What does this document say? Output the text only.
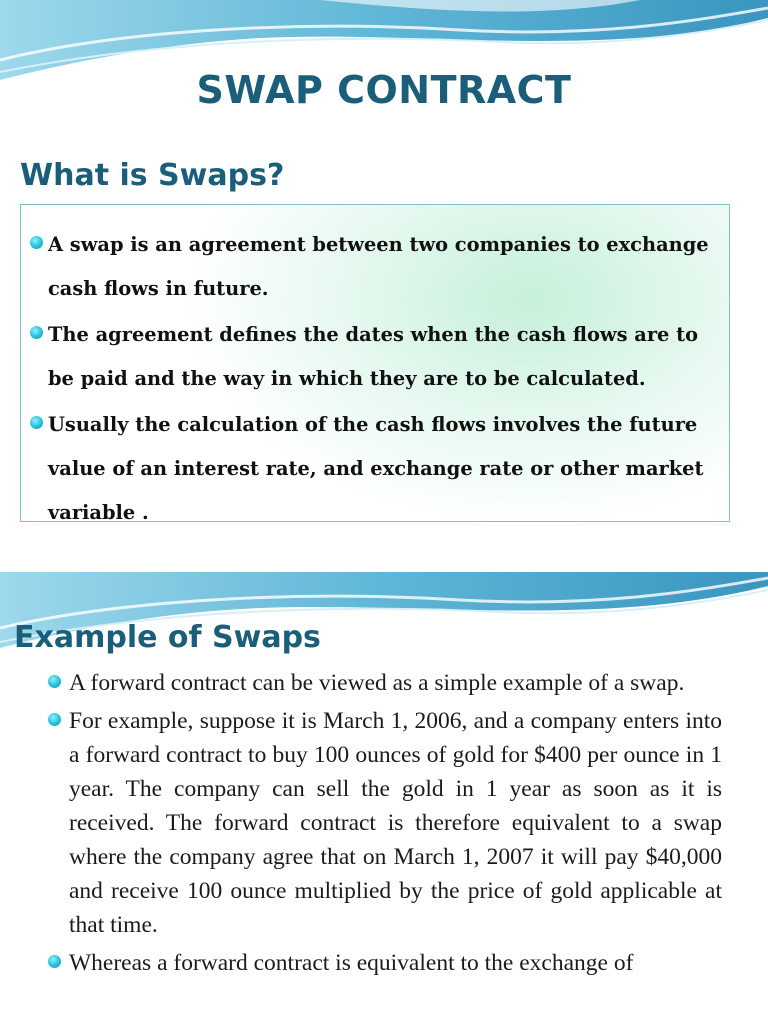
SWAP CONTRACT
What is Swaps?
A swap is an agreement between two companies to exchange cash flows in future.
The agreement defines the dates when the cash flows are to be paid and the way in which they are to be calculated.
Usually the calculation of the cash flows involves the future value of an interest rate, and exchange rate or other market variable .
Example of Swaps
A forward contract can be viewed as a simple example of a swap.
For example, suppose it is March 1, 2006, and a company enters into a forward contract to buy 100 ounces of gold for $400 per ounce in 1 year. The company can sell the gold in 1 year as soon as it is received. The forward contract is therefore equivalent to a swap where the company agree that on March 1, 2007 it will pay $40,000 and receive 100 ounce multiplied by the price of gold applicable at that time.
Whereas a forward contract is equivalent to the exchange of
